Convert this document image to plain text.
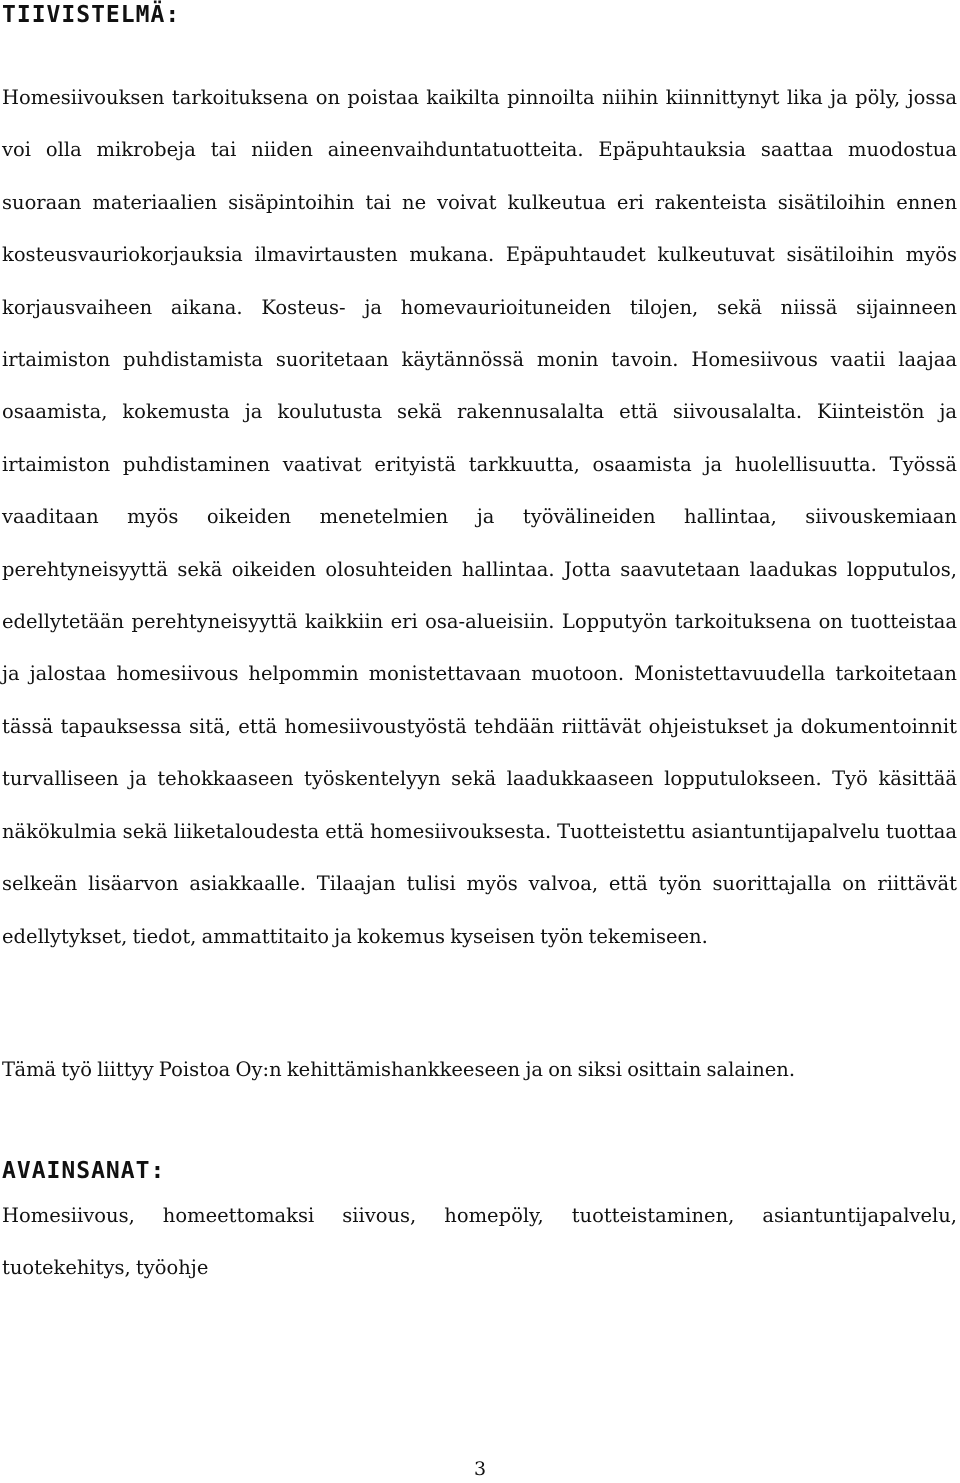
TIIVISTELMÄ:

Homesiivouksen tarkoituksena on poistaa kaikilta pinnoilta niihin kiinnittynyt lika ja pöly, jossa voi olla mikrobeja tai niiden aineenvaihduntatuotteita. Epäpuhtauksia saattaa muodostua suoraan materiaalien sisäpintoihin tai ne voivat kulkeutua eri rakenteista sisätiloihin ennen kosteusvauriokorjauksia ilmavirtausten mukana. Epäpuhtaudet kulkeutuvat sisätiloihin myös korjausvaiheen aikana. Kosteus- ja homevaurioituneiden tilojen, sekä niissä sijainneen irtaimiston puhdistamista suoritetaan käytännössä monin tavoin. Homesiivous vaatii laajaa osaamista, kokemusta ja koulutusta sekä rakennusalalta että siivousalalta. Kiinteistön ja irtaimiston puhdistaminen vaativat erityistä tarkkuutta, osaamista ja huolellisuutta. Työssä vaaditaan myös oikeiden menetelmien ja työvälineiden hallintaa, siivouskemiaan perehtyneisyyttä sekä oikeiden olosuhteiden hallintaa. Jotta saavutetaan laadukas lopputulos, edellytetään perehtyneisyyttä kaikkiin eri osa-alueisiin. Lopputyön tarkoituksena on tuotteistaa ja jalostaa homesiivous helpommin monistettavaan muotoon. Monistettavuudella tarkoitetaan tässä tapauksessa sitä, että homesiivoustyöstä tehdään riittävät ohjeistukset ja dokumentoinnit turvalliseen ja tehokkaaseen työskentelyyn sekä laadukkaaseen lopputulokseen. Työ käsittää näkökulmia sekä liiketaloudesta että homesiivouksesta. Tuotteistettu asiantuntijapalvelu tuottaa selkeän lisäarvon asiakkaalle. Tilaajan tulisi myös valvoa, että työn suorittajalla on riittävät edellytykset, tiedot, ammattitaito ja kokemus kyseisen työn tekemiseen.

Tämä työ liittyy Poistoa Oy:n kehittämishankkeeseen ja on siksi osittain salainen.

AVAINSANAT:

Homesiivous, homeettomaksi siivous, homepöly, tuotteistaminen, asiantuntijapalvelu, tuotekehitys, työohje

3
